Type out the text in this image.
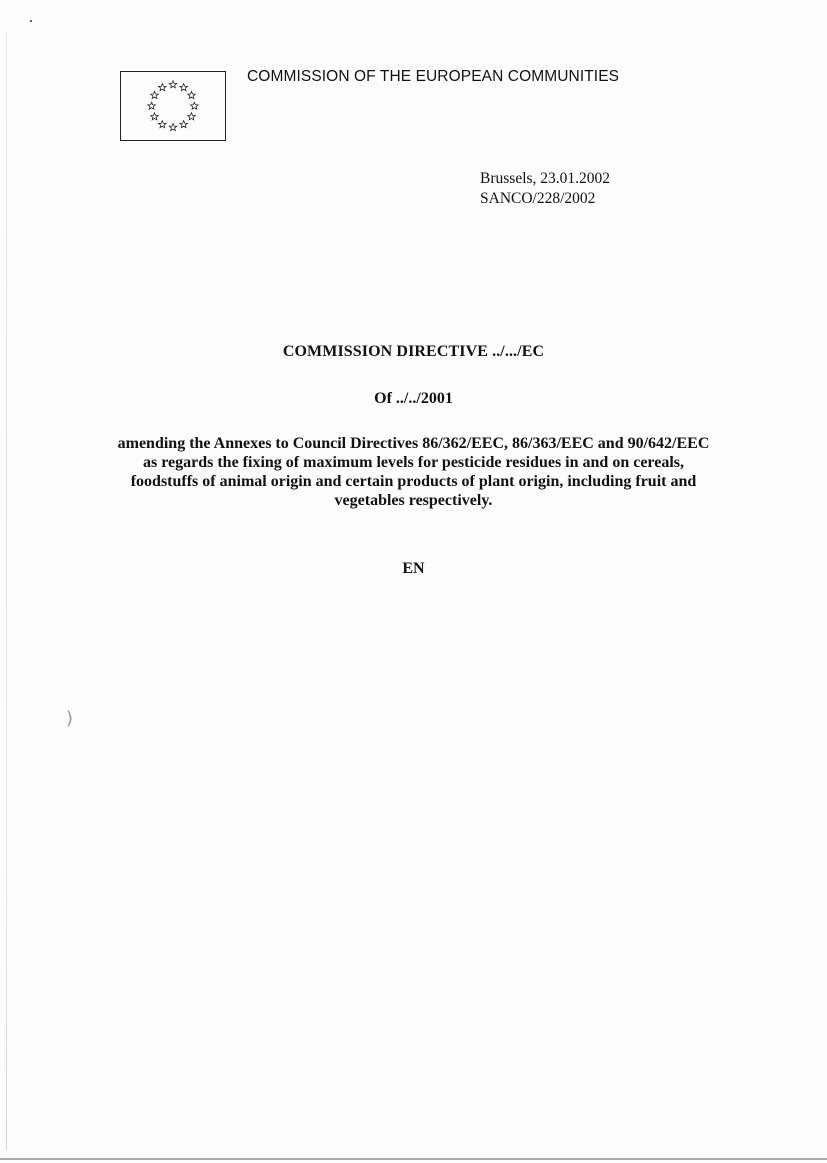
)
COMMISSION OF THE EUROPEAN COMMUNITIES
Brussels, 23.01.2002
SANCO/228/2002
COMMISSION DIRECTIVE ../.../EC
Of ../../2001
amending the Annexes to Council Directives 86/362/EEC, 86/363/EEC and 90/642/EEC
as regards the fixing of maximum levels for pesticide residues in and on cereals,
foodstuffs of animal origin and certain products of plant origin, including fruit and
vegetables respectively.
EN
